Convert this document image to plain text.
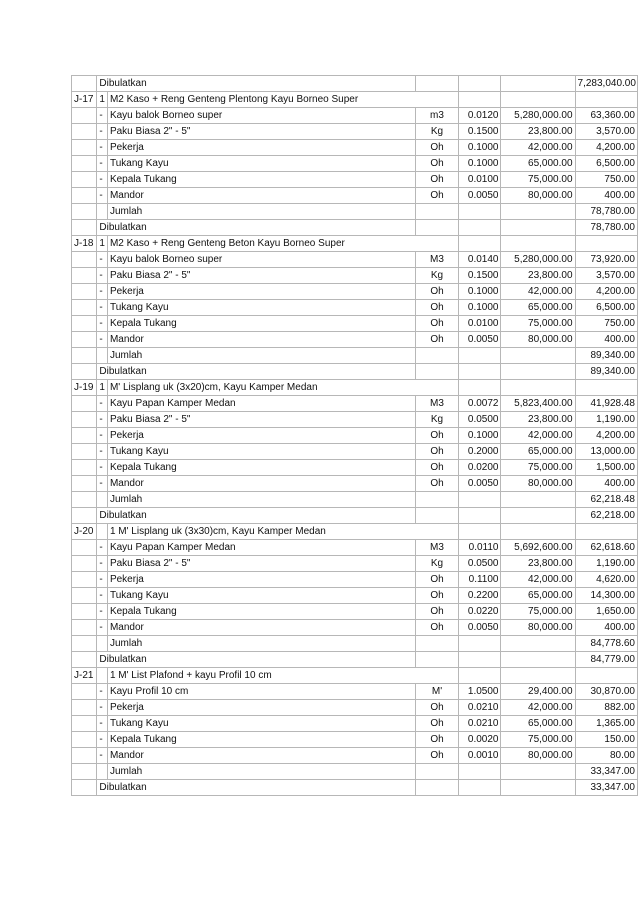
	Dibulatkan					7,283,040.00
J-17	1	M2 Kaso + Reng Genteng Plentong Kayu Borneo Super				
	-	Kayu balok Borneo super	m3	0.0120	5,280,000.00	63,360.00
	-	Paku Biasa 2" - 5"	Kg	0.1500	23,800.00	3,570.00
	-	Pekerja	Oh	0.1000	42,000.00	4,200.00
	-	Tukang Kayu	Oh	0.1000	65,000.00	6,500.00
	-	Kepala Tukang	Oh	0.0100	75,000.00	750.00
	-	Mandor	Oh	0.0050	80,000.00	400.00
		Jumlah				78,780.00
	Dibulatkan					78,780.00
J-18	1	M2 Kaso + Reng Genteng Beton Kayu Borneo Super				
	-	Kayu balok Borneo super	M3	0.0140	5,280,000.00	73,920.00
	-	Paku Biasa 2" - 5"	Kg	0.1500	23,800.00	3,570.00
	-	Pekerja	Oh	0.1000	42,000.00	4,200.00
	-	Tukang Kayu	Oh	0.1000	65,000.00	6,500.00
	-	Kepala Tukang	Oh	0.0100	75,000.00	750.00
	-	Mandor	Oh	0.0050	80,000.00	400.00
		Jumlah				89,340.00
	Dibulatkan					89,340.00
J-19	1	M' Lisplang uk (3x20)cm, Kayu Kamper Medan				
	-	Kayu Papan Kamper Medan	M3	0.0072	5,823,400.00	41,928.48
	-	Paku Biasa 2" - 5"	Kg	0.0500	23,800.00	1,190.00
	-	Pekerja	Oh	0.1000	42,000.00	4,200.00
	-	Tukang Kayu	Oh	0.2000	65,000.00	13,000.00
	-	Kepala Tukang	Oh	0.0200	75,000.00	1,500.00
	-	Mandor	Oh	0.0050	80,000.00	400.00
		Jumlah				62,218.48
	Dibulatkan					62,218.00
J-20		1 M' Lisplang uk (3x30)cm, Kayu Kamper Medan				
	-	Kayu Papan Kamper Medan	M3	0.0110	5,692,600.00	62,618.60
	-	Paku Biasa 2" - 5"	Kg	0.0500	23,800.00	1,190.00
	-	Pekerja	Oh	0.1100	42,000.00	4,620.00
	-	Tukang Kayu	Oh	0.2200	65,000.00	14,300.00
	-	Kepala Tukang	Oh	0.0220	75,000.00	1,650.00
	-	Mandor	Oh	0.0050	80,000.00	400.00
		Jumlah				84,778.60
	Dibulatkan					84,779.00
J-21		1 M' List Plafond + kayu Profil 10 cm				
	-	Kayu Profil 10 cm	M'	1.0500	29,400.00	30,870.00
	-	Pekerja	Oh	0.0210	42,000.00	882.00
	-	Tukang Kayu	Oh	0.0210	65,000.00	1,365.00
	-	Kepala Tukang	Oh	0.0020	75,000.00	150.00
	-	Mandor	Oh	0.0010	80,000.00	80.00
		Jumlah				33,347.00
	Dibulatkan					33,347.00
